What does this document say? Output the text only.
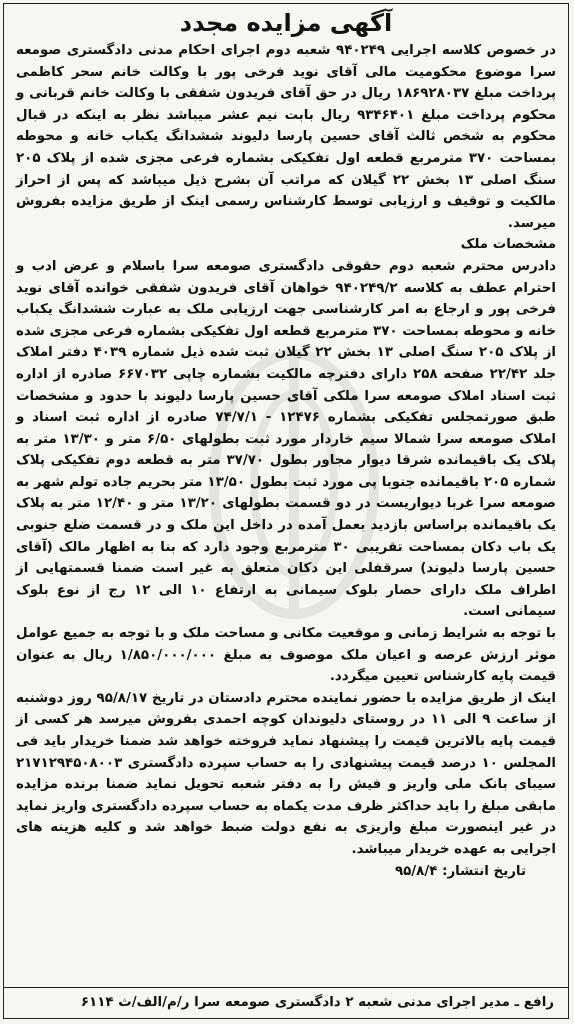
آگهی مزایده مجدد

در خصوص کلاسه اجرایی ۹۴۰۲۴۹ شعبه دوم اجرای احکام مدنی دادگستری صومعه سرا موضوع محکومیت مالی آقای نوید فرخی پور با وکالت خانم سحر کاظمی پرداخت مبلغ ۱۸۶۹۲۸۰۳۷ ریال در حق آقای فریدون شفقی با وکالت خانم قربانی و محکوم پرداخت مبلغ ۹۳۴۶۴۰۱ ریال بابت نیم عشر میباشد نظر به اینکه در قبال محکوم به شخص ثالث آقای حسین پارسا دلیوند ششدانگ یکباب خانه و محوطه بمساحت ۳۷۰ مترمربع قطعه اول تفکیکی بشماره فرعی مجزی شده از پلاک ۲۰۵ سنگ اصلی ۱۳ بخش ۲۲ گیلان که مراتب آن بشرح ذیل میباشد که پس از احراز مالکیت و توقیف و ارزیابی توسط کارشناس رسمی اینک از طریق مزایده بفروش میرسد.

مشخصات ملک

دادرس محترم شعبه دوم حقوقی دادگستری صومعه سرا باسلام و عرض ادب و احترام عطف به کلاسه ۹۴۰۲۴۹/۲ خواهان آقای فریدون شفقی خوانده آقای نوید فرخی پور و ارجاع به امر کارشناسی جهت ارزیابی ملک به عبارت ششدانگ یکباب خانه و محوطه بمساحت ۳۷۰ مترمربع قطعه اول تفکیکی بشماره فرعی مجزی شده از پلاک ۲۰۵ سنگ اصلی ۱۳ بخش ۲۲ گیلان ثبت شده ذیل شماره ۴۰۳۹ دفتر املاک جلد ۲۲/۴۲ صفحه ۲۵۸ دارای دفترچه مالکیت بشماره چاپی ۶۶۷۰۳۲ صادره از اداره ثبت اسناد املاک صومعه سرا ملکی آقای حسین پارسا دلیوند با حدود و مشخصات طبق صورتمجلس تفکیکی بشماره ۱۲۴۷۶ - ۷۴/۷/۱ صادره از اداره ثبت اسناد و املاک صومعه سرا شمالا سیم خاردار مورد ثبت بطولهای ۶/۵۰ متر و ۱۳/۳۰ متر به پلاک یک باقیمانده شرقا دیوار مجاور بطول ۳۷/۷۰ متر به قطعه دوم تفکیکی پلاک شماره ۲۰۵ باقیمانده جنوبا پی مورد ثبت بطول ۱۳/۵۰ متر بحریم جاده تولم شهر به صومعه سرا غربا دیواریست در دو قسمت بطولهای ۱۳/۲۰ متر و ۱۲/۴۰ متر به پلاک یک باقیمانده براساس بازدید بعمل آمده در داخل این ملک و در قسمت ضلع جنوبی یک باب دکان بمساحت تقریبی ۳۰ مترمربع وجود دارد که بنا به اظهار مالک (آقای حسین پارسا دلیوند) سرقفلی این دکان متعلق به غیر است ضمنا قسمتهایی از اطراف ملک دارای حصار بلوک سیمانی به ارتفاع ۱۰ الی ۱۲ رج از نوع بلوک سیمانی است.

با توجه به شرایط زمانی و موقعیت مکانی و مساحت ملک و با توجه به جمیع عوامل موثر ارزش عرصه و اعیان ملک موصوف به مبلغ ۱/۸۵۰/۰۰۰/۰۰۰ ریال به عنوان قیمت پایه کارشناس تعیین میگردد.

اینک از طریق مزایده با حضور نماینده محترم دادستان در تاریخ ۹۵/۸/۱۷ روز دوشنبه از ساعت ۹ الی ۱۱ در روستای دلیوندان کوچه احمدی بفروش میرسد هر کسی از قیمت پایه بالاترین قیمت را پیشنهاد نماید فروخته خواهد شد ضمنا خریدار باید فی المجلس ۱۰ درصد قیمت پیشنهادی را به حساب سپرده دادگستری ۲۱۷۱۲۹۴۵۰۸۰۰۳ سیبای بانک ملی واریز و فیش را به دفتر شعبه تحویل نماید ضمنا برنده مزایده مابقی مبلغ را باید حداکثر ظرف مدت یکماه به حساب سپرده دادگستری واریز نماید در غیر اینصورت مبلغ واریزی به نفع دولت ضبط خواهد شد و کلیه هزینه های اجرایی به عهده خریدار میباشد.

تاریخ انتشار: ۹۵/۸/۴

رافع ـ مدیر اجرای مدنی شعبه ۲ دادگستری صومعه سرا ر/م/الف/ث ۶۱۱۴
